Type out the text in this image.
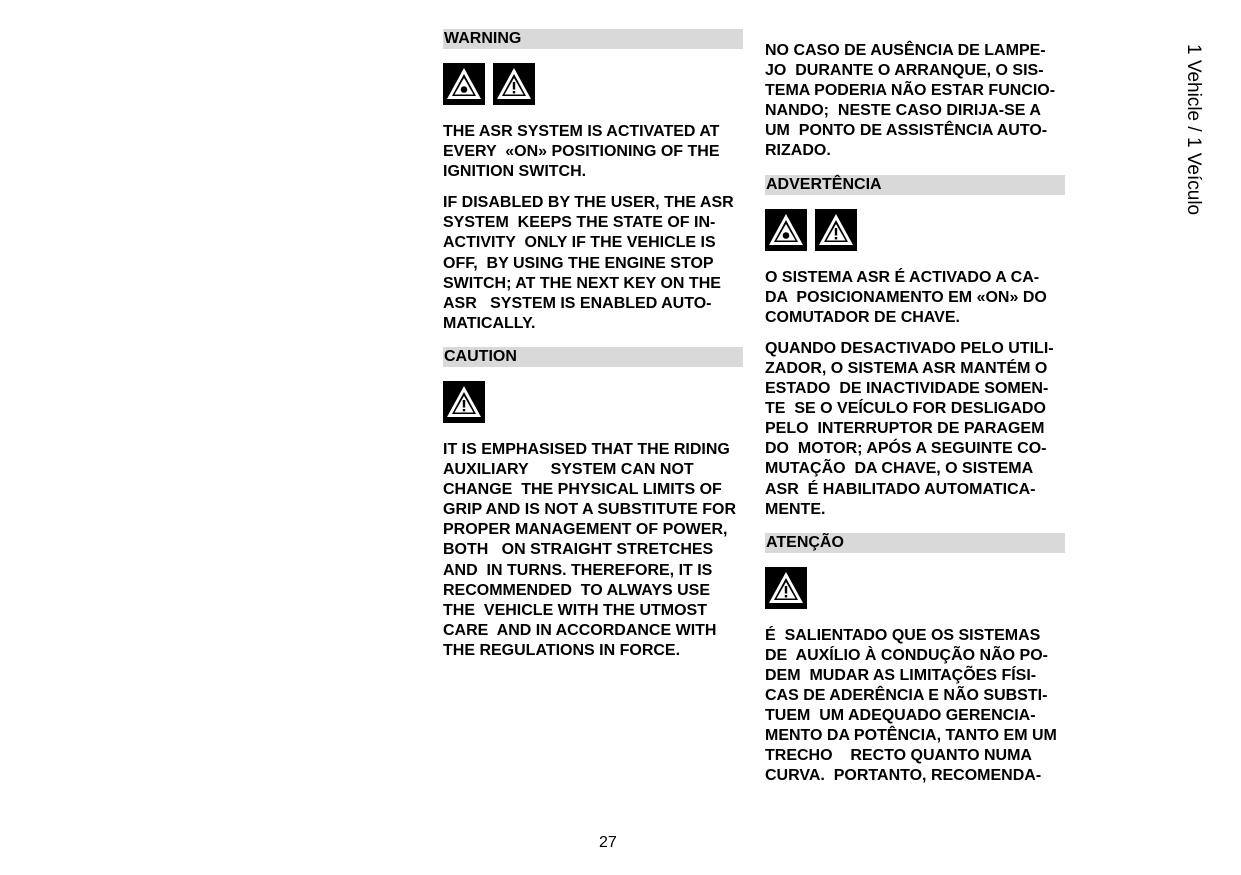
WARNING

THE ASR SYSTEM IS ACTIVATED AT
EVERY  «ON» POSITIONING OF THE
IGNITION SWITCH.

IF DISABLED BY THE USER, THE ASR
SYSTEM  KEEPS THE STATE OF IN-
ACTIVITY  ONLY IF THE VEHICLE IS
OFF,  BY USING THE ENGINE STOP
SWITCH; AT THE NEXT KEY ON THE
ASR   SYSTEM IS ENABLED AUTO-
MATICALLY.

CAUTION

IT IS EMPHASISED THAT THE RIDING
AUXILIARY     SYSTEM CAN NOT
CHANGE  THE PHYSICAL LIMITS OF
GRIP AND IS NOT A SUBSTITUTE FOR
PROPER MANAGEMENT OF POWER,
BOTH   ON STRAIGHT STRETCHES
AND  IN TURNS. THEREFORE, IT IS
RECOMMENDED  TO ALWAYS USE
THE  VEHICLE WITH THE UTMOST
CARE  AND IN ACCORDANCE WITH
THE REGULATIONS IN FORCE.

NO CASO DE AUSÊNCIA DE LAMPE-
JO  DURANTE O ARRANQUE, O SIS-
TEMA PODERIA NÃO ESTAR FUNCIO-
NANDO;  NESTE CASO DIRIJA-SE A
UM  PONTO DE ASSISTÊNCIA AUTO-
RIZADO.

ADVERTÊNCIA

O SISTEMA ASR É ACTIVADO A CA-
DA  POSICIONAMENTO EM «ON» DO
COMUTADOR DE CHAVE.

QUANDO DESACTIVADO PELO UTILI-
ZADOR, O SISTEMA ASR MANTÉM O
ESTADO  DE INACTIVIDADE SOMEN-
TE  SE O VEÍCULO FOR DESLIGADO
PELO  INTERRUPTOR DE PARAGEM
DO  MOTOR; APÓS A SEGUINTE CO-
MUTAÇÃO  DA CHAVE, O SISTEMA
ASR  É HABILITADO AUTOMATICA-
MENTE.

ATENÇÃO

É  SALIENTADO QUE OS SISTEMAS
DE  AUXÍLIO À CONDUÇÃO NÃO PO-
DEM  MUDAR AS LIMITAÇÕES FÍSI-
CAS DE ADERÊNCIA E NÃO SUBSTI-
TUEM  UM ADEQUADO GERENCIA-
MENTO DA POTÊNCIA, TANTO EM UM
TRECHO    RECTO QUANTO NUMA
CURVA.  PORTANTO, RECOMENDA-

1 Vehicle / 1 Veículo
27
